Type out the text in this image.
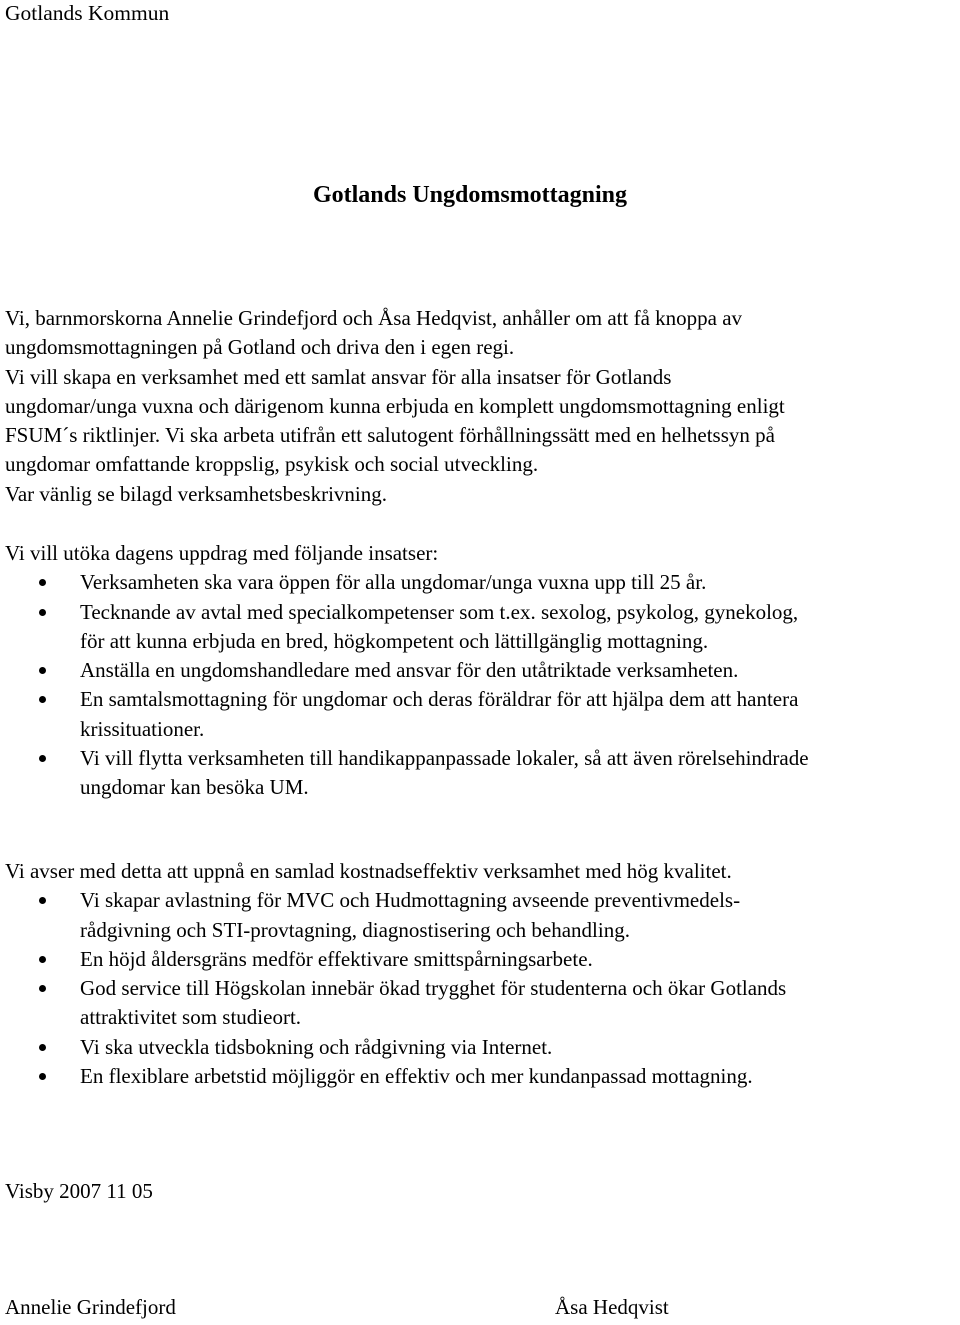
Gotlands Kommun
Gotlands Ungdomsmottagning
Vi, barnmorskorna Annelie Grindefjord och Åsa Hedqvist, anhåller om att få knoppa av
ungdomsmottagningen på Gotland och driva den i egen regi.
Vi vill skapa en verksamhet med ett samlat ansvar för alla insatser för Gotlands
ungdomar/unga vuxna och därigenom kunna erbjuda en komplett ungdomsmottagning enligt
FSUM´s riktlinjer. Vi ska arbeta utifrån ett salutogent förhållningssätt med en helhetssyn på
ungdomar omfattande kroppslig, psykisk och social utveckling.
Var vänlig se bilagd verksamhetsbeskrivning.
Vi vill utöka dagens uppdrag med följande insatser:
Verksamheten ska vara öppen för alla ungdomar/unga vuxna upp till 25 år.
Tecknande av avtal med specialkompetenser som t.ex. sexolog, psykolog, gynekolog,
för att kunna erbjuda en bred, högkompetent och lättillgänglig mottagning.
Anställa en ungdomshandledare med ansvar för den utåtriktade verksamheten.
En samtalsmottagning för ungdomar och deras föräldrar för att hjälpa dem att hantera
krissituationer.
Vi vill flytta verksamheten till handikappanpassade lokaler, så att även rörelsehindrade
ungdomar kan besöka UM.
Vi avser med detta att uppnå en samlad kostnadseffektiv verksamhet med hög kvalitet.
Vi skapar avlastning för MVC och Hudmottagning avseende preventivmedels-
rådgivning och STI-provtagning, diagnostisering och behandling.
En höjd åldersgräns medför effektivare smittspårningsarbete.
God service till Högskolan innebär ökad trygghet för studenterna och ökar Gotlands
attraktivitet som studieort.
Vi ska utveckla tidsbokning och rådgivning via Internet.
En flexiblare arbetstid möjliggör en effektiv och mer kundanpassad mottagning.
Visby 2007 11 05
Annelie Grindefjord	Åsa Hedqvist
